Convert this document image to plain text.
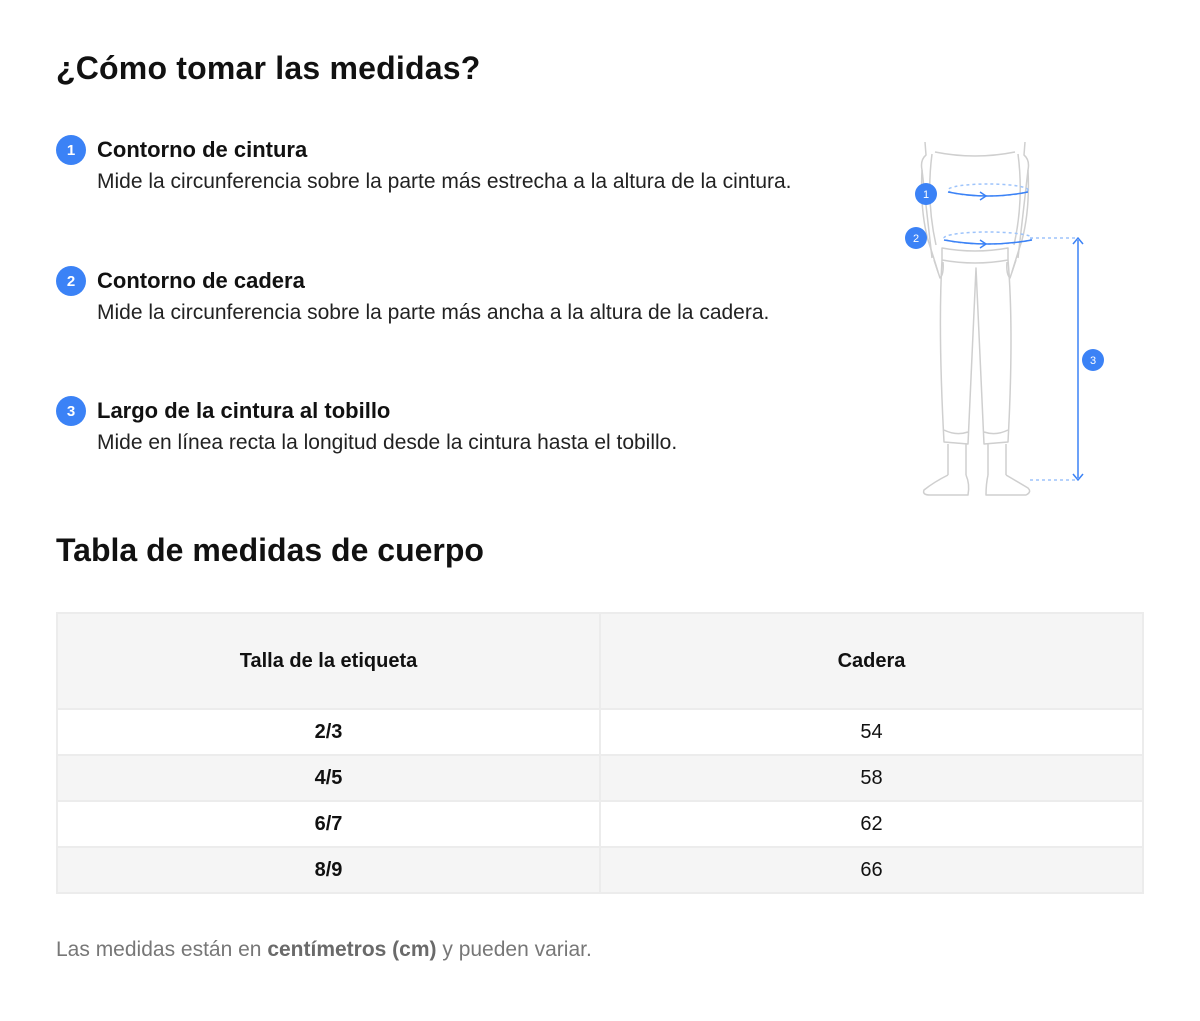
¿Cómo tomar las medidas?
1 Contorno de cintura
Mide la circunferencia sobre la parte más estrecha a la altura de la cintura.
2 Contorno de cadera
Mide la circunferencia sobre la parte más ancha a la altura de la cadera.
3 Largo de la cintura al tobillo
Mide en línea recta la longitud desde la cintura hasta el tobillo.
1
2
3
Tabla de medidas de cuerpo
Talla de la etiqueta	Cadera
2/3	54
4/5	58
6/7	62
8/9	66
Las medidas están en centímetros (cm) y pueden variar.
